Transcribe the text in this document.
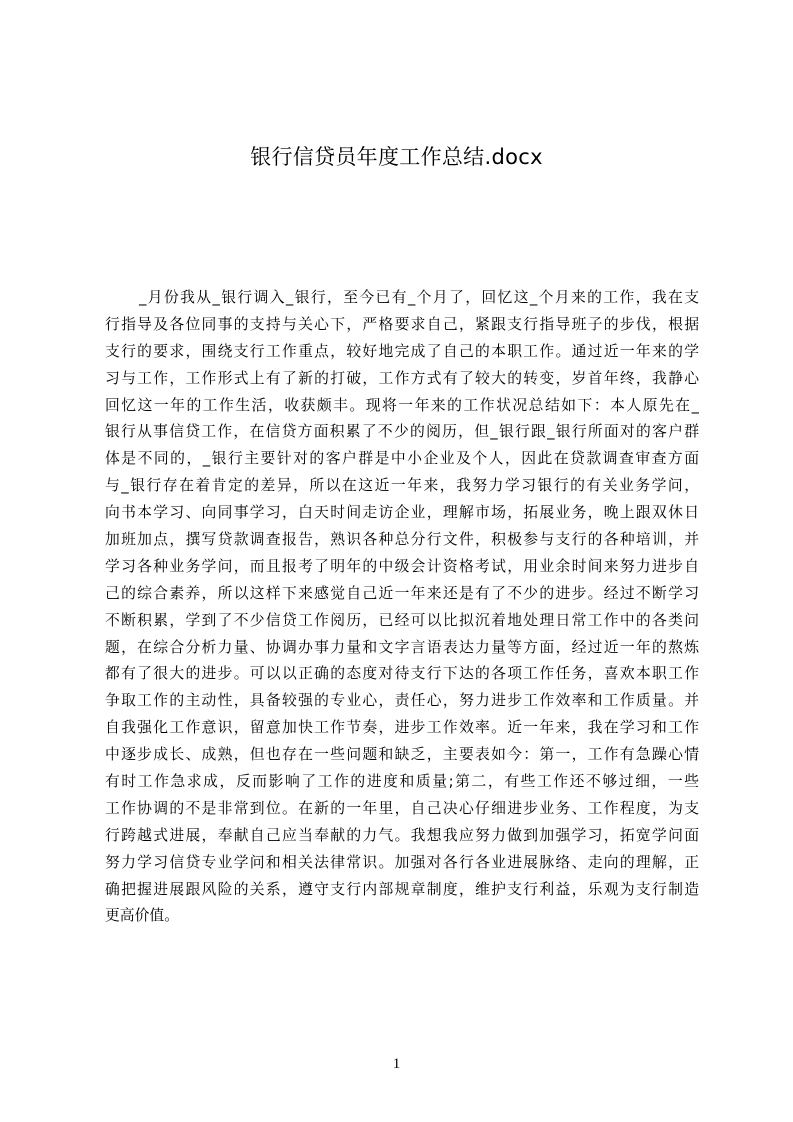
银行信贷员年度工作总结.docx
_月份我从_银行调入_银行，至今已有_个月了，回忆这_个月来的工作，我在支
行指导及各位同事的支持与关心下，严格要求自己，紧跟支行指导班子的步伐，根据
支行的要求，围绕支行工作重点，较好地完成了自己的本职工作。通过近一年来的学
习与工作，工作形式上有了新的打破，工作方式有了较大的转变，岁首年终，我静心
回忆这一年的工作生活，收获颇丰。现将一年来的工作状况总结如下：本人原先在_
银行从事信贷工作，在信贷方面积累了不少的阅历，但_银行跟_银行所面对的客户群
体是不同的，_银行主要针对的客户群是中小企业及个人，因此在贷款调查审查方面
与_银行存在着肯定的差异，所以在这近一年来，我努力学习银行的有关业务学问，
向书本学习、向同事学习，白天时间走访企业，理解市场，拓展业务，晚上跟双休日
加班加点，撰写贷款调查报告，熟识各种总分行文件，积极参与支行的各种培训，并
学习各种业务学问，而且报考了明年的中级会计资格考试，用业余时间来努力进步自
己的综合素养，所以这样下来感觉自己近一年来还是有了不少的进步。经过不断学习
不断积累，学到了不少信贷工作阅历，已经可以比拟沉着地处理日常工作中的各类问
题，在综合分析力量、协调办事力量和文字言语表达力量等方面，经过近一年的熬炼
都有了很大的进步。可以以正确的态度对待支行下达的各项工作任务，喜欢本职工作
争取工作的主动性，具备较强的专业心，责任心，努力进步工作效率和工作质量。并
自我强化工作意识，留意加快工作节奏，进步工作效率。近一年来，我在学习和工作
中逐步成长、成熟，但也存在一些问题和缺乏，主要表如今：第一，工作有急躁心情
有时工作急求成，反而影响了工作的进度和质量;第二，有些工作还不够过细，一些
工作协调的不是非常到位。在新的一年里，自己决心仔细进步业务、工作程度，为支
行跨越式进展，奉献自己应当奉献的力气。我想我应努力做到加强学习，拓宽学问面
努力学习信贷专业学问和相关法律常识。加强对各行各业进展脉络、走向的理解，正
确把握进展跟风险的关系，遵守支行内部规章制度，维护支行利益，乐观为支行制造
更高价值。
1
